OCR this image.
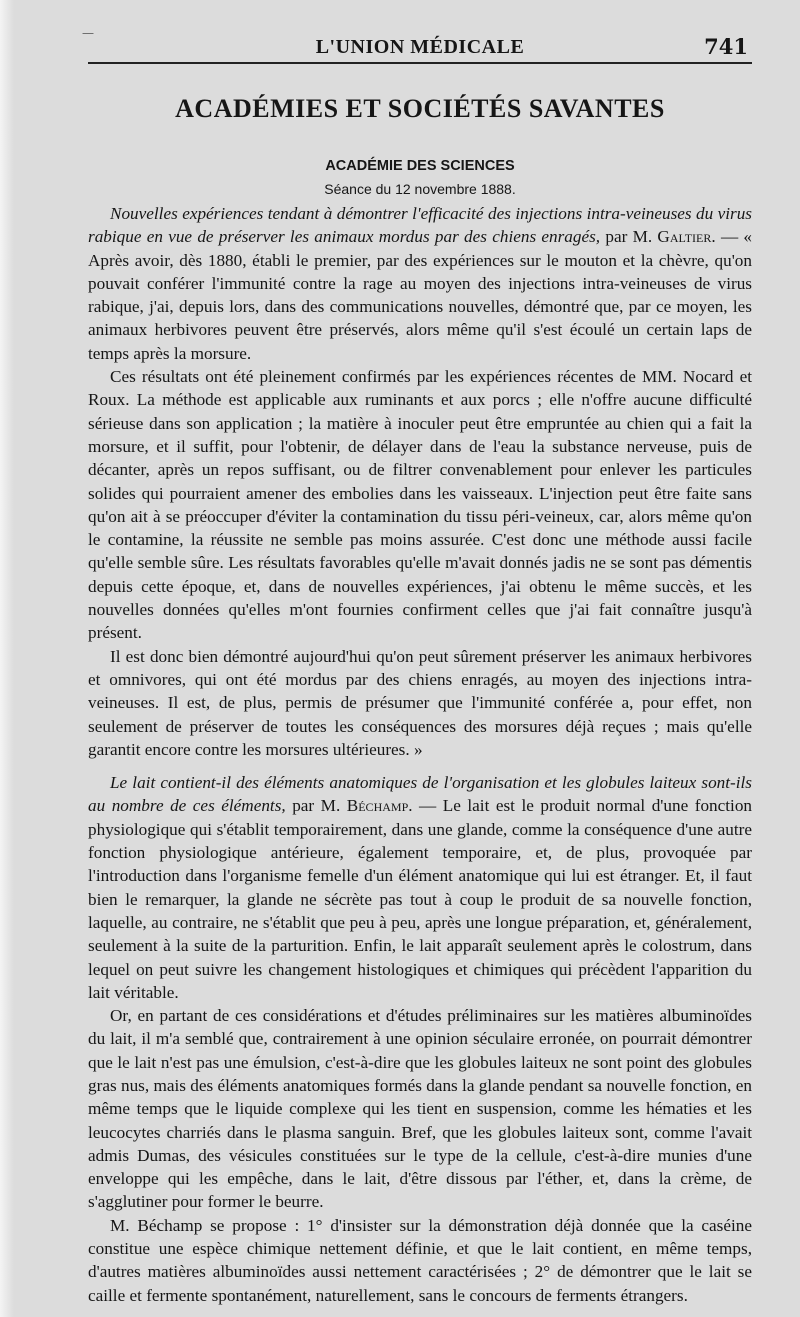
—
L'UNION MÉDICALE	741
ACADÉMIES ET SOCIÉTÉS SAVANTES
ACADÉMIE DES SCIENCES
Séance du 12 novembre 1888.

Nouvelles expériences tendant à démontrer l'efficacité des injections intra-veineuses du virus rabique en vue de préserver les animaux mordus par des chiens enragés, par M. Galtier. — « Après avoir, dès 1880, établi le premier, par des expériences sur le mouton et la chèvre, qu'on pouvait conférer l'immunité contre la rage au moyen des injections intra-veineuses de virus rabique, j'ai, depuis lors, dans des communications nouvelles, démontré que, par ce moyen, les animaux herbivores peuvent être préservés, alors même qu'il s'est écoulé un certain laps de temps après la morsure.

Ces résultats ont été pleinement confirmés par les expériences récentes de MM. Nocard et Roux. La méthode est applicable aux ruminants et aux porcs ; elle n'offre aucune difficulté sérieuse dans son application ; la matière à inoculer peut être empruntée au chien qui a fait la morsure, et il suffit, pour l'obtenir, de délayer dans de l'eau la substance nerveuse, puis de décanter, après un repos suffisant, ou de filtrer convenablement pour enlever les particules solides qui pourraient amener des embolies dans les vaisseaux. L'injection peut être faite sans qu'on ait à se préoccuper d'éviter la contamination du tissu péri-veineux, car, alors même qu'on le contamine, la réussite ne semble pas moins assurée. C'est donc une méthode aussi facile qu'elle semble sûre. Les résultats favorables qu'elle m'avait donnés jadis ne se sont pas démentis depuis cette époque, et, dans de nouvelles expériences, j'ai obtenu le même succès, et les nouvelles données qu'elles m'ont fournies confirment celles que j'ai fait connaître jusqu'à présent.

Il est donc bien démontré aujourd'hui qu'on peut sûrement préserver les animaux herbivores et omnivores, qui ont été mordus par des chiens enragés, au moyen des injections intra-veineuses. Il est, de plus, permis de présumer que l'immunité conférée a, pour effet, non seulement de préserver de toutes les conséquences des morsures déjà reçues ; mais qu'elle garantit encore contre les morsures ultérieures. »

Le lait contient-il des éléments anatomiques de l'organisation et les globules laiteux sont-ils au nombre de ces éléments, par M. Béchamp. — Le lait est le produit normal d'une fonction physiologique qui s'établit temporairement, dans une glande, comme la conséquence d'une autre fonction physiologique antérieure, également temporaire, et, de plus, provoquée par l'introduction dans l'organisme femelle d'un élément anatomique qui lui est étranger. Et, il faut bien le remarquer, la glande ne sécrète pas tout à coup le produit de sa nouvelle fonction, laquelle, au contraire, ne s'établit que peu à peu, après une longue préparation, et, généralement, seulement à la suite de la parturition. Enfin, le lait apparaît seulement après le colostrum, dans lequel on peut suivre les changement histologiques et chimiques qui précèdent l'apparition du lait véritable.

Or, en partant de ces considérations et d'études préliminaires sur les matières albuminoïdes du lait, il m'a semblé que, contrairement à une opinion séculaire erronée, on pourrait démontrer que le lait n'est pas une émulsion, c'est-à-dire que les globules laiteux ne sont point des globules gras nus, mais des éléments anatomiques formés dans la glande pendant sa nouvelle fonction, en même temps que le liquide complexe qui les tient en suspension, comme les hématies et les leucocytes charriés dans le plasma sanguin. Bref, que les globules laiteux sont, comme l'avait admis Dumas, des vésicules constituées sur le type de la cellule, c'est-à-dire munies d'une enveloppe qui les empêche, dans le lait, d'être dissous par l'éther, et, dans la crème, de s'agglutiner pour former le beurre.

M. Béchamp se propose : 1° d'insister sur la démonstration déjà donnée que la caséine constitue une espèce chimique nettement définie, et que le lait contient, en même temps, d'autres matières albuminoïdes aussi nettement caractérisées ; 2° de démontrer que le lait se caille et fermente spontanément, naturellement, sans le concours de ferments étrangers.
